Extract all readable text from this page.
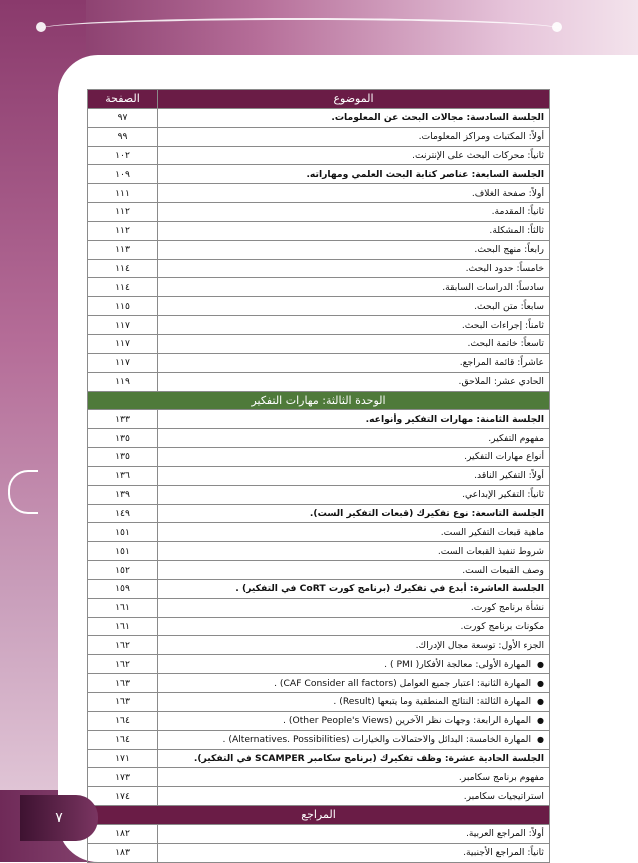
الموضوع	الصفحة
الجلسة السادسة: مجالات البحث عن المعلومات.	٩٧
أولاً: المكتبات ومراكز المعلومات.	٩٩
ثانياً: محركات البحث على الإنترنت.	١٠٢
الجلسة السابعة: عناصر كتابة البحث العلمي ومهاراته.	١٠٩
أولاً: صفحة الغلاف.	١١١
ثانياً: المقدمة.	١١٢
ثالثاً: المشكلة.	١١٢
رابعاً: منهج البحث.	١١٣
خامساً: حدود البحث.	١١٤
سادساً: الدراسات السابقة.	١١٤
سابعاً: متن البحث.	١١٥
ثامناً: إجراءات البحث.	١١٧
تاسعاً: خاتمة البحث.	١١٧
عاشراً: قائمة المراجع.	١١٧
الحادي عشر: الملاحق.	١١٩
الوحدة الثالثة: مهارات التفكير	
الجلسة الثامنة: مهارات التفكير وأنواعه.	١٣٣
مفهوم التفكير.	١٣٥
أنواع مهارات التفكير.	١٣٥
أولاً: التفكير الناقد.	١٣٦
ثانياً: التفكير الإبداعي.	١٣٩
الجلسة التاسعة: نوع تفكيرك (قبعات التفكير الست).	١٤٩
ماهية قبعات التفكير الست.	١٥١
شروط تنفيذ القبعات الست.	١٥١
وصف القبعات الست.	١٥٢
الجلسة العاشرة: أبدع في تفكيرك (برنامج كورت CoRT في التفكير) .	١٥٩
نشأة برنامج كورت.	١٦١
مكونات برنامج كورت.	١٦١
الجزء الأول: توسعة مجال الإدراك.	١٦٢
●المهارة الأولى: معالجة الأفكار( PMI ) .	١٦٢
●المهارة الثانية: اعتبار جميع العوامل (CAF Consider all factors) .	١٦٣
●المهارة الثالثة: النتائج المنطقية وما يتبعها (Result) .	١٦٣
●المهارة الرابعة: وجهات نظر الآخرين (Other People's Views) .	١٦٤
●المهارة الخامسة: البدائل والاحتمالات والخيارات (Alternatives. Possibilities) .	١٦٤
الجلسة الحادية عشرة: وظف تفكيرك (برنامج سكامبر SCAMPER في التفكير).	١٧١
مفهوم برنامج سكامبر.	١٧٣
استراتيجيات سكامبر.	١٧٤
المراجع	
أولاً: المراجع العربية.	١٨٢
ثانياً: المراجع الأجنبية.	١٨٣
٧
